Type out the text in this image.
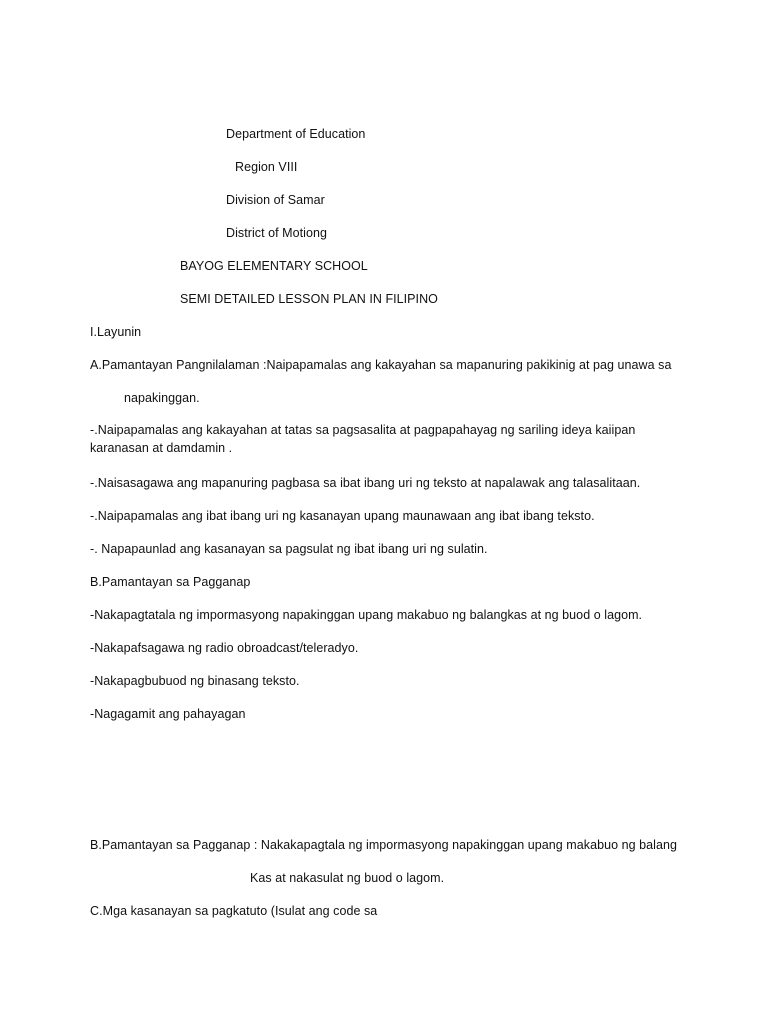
Department of Education
Region VIII
Division of Samar
District of Motiong
BAYOG ELEMENTARY SCHOOL
SEMI DETAILED LESSON PLAN IN FILIPINO
I.Layunin
A.Pamantayan Pangnilalaman :Naipapamalas ang kakayahan sa mapanuring pakikinig at pag unawa sa
napakinggan.
-.Naipapamalas ang kakayahan at tatas sa pagsasalita at pagpapahayag ng sariling ideya kaiipan karanasan at damdamin .
-.Naisasagawa ang mapanuring pagbasa sa ibat ibang uri ng teksto at napalawak ang talasalitaan.
-.Naipapamalas ang ibat ibang uri ng kasanayan upang maunawaan ang ibat ibang teksto.
-. Napapaunlad ang kasanayan sa pagsulat ng ibat ibang uri ng sulatin.
B.Pamantayan sa Pagganap
-Nakapagtatala ng impormasyong napakinggan upang makabuo ng balangkas at ng buod o lagom.
-Nakapafsagawa ng radio obroadcast/teleradyo.
-Nakapagbubuod ng binasang teksto.
-Nagagamit ang pahayagan
B.Pamantayan sa Pagganap : Nakakapagtala ng impormasyong napakinggan upang makabuo ng balang
Kas at nakasulat ng buod o lagom.
C.Mga kasanayan sa pagkatuto (Isulat ang code sa
